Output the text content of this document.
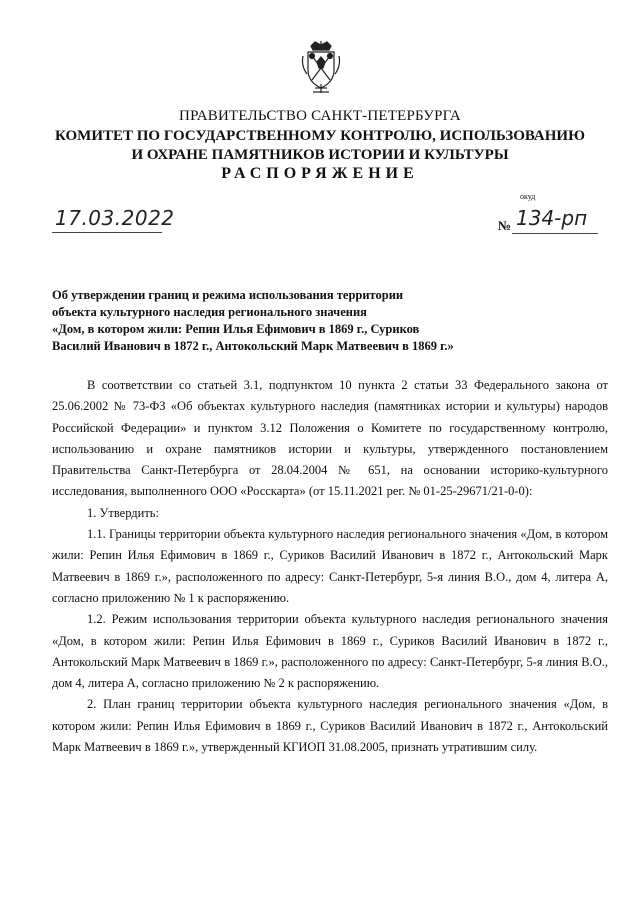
ПРАВИТЕЛЬСТВО САНКТ-ПЕТЕРБУРГА
КОМИТЕТ ПО ГОСУДАРСТВЕННОМУ КОНТРОЛЮ, ИСПОЛЬЗОВАНИЮ
И ОХРАНЕ ПАМЯТНИКОВ ИСТОРИИ И КУЛЬТУРЫ
РАСПОРЯЖЕНИЕ
окуд
17.03.2022	№ 134-рп
Об утверждении границ и режима использования территории
объекта культурного наследия регионального значения
«Дом, в котором жили: Репин Илья Ефимович в 1869 г., Суриков
Василий Иванович в 1872 г., Антокольский Марк Матвеевич в 1869 г.»

В соответствии со статьей 3.1, подпунктом 10 пункта 2 статьи 33 Федерального закона от 25.06.2002 № 73-ФЗ «Об объектах культурного наследия (памятниках истории и культуры) народов Российской Федерации» и пунктом 3.12 Положения о Комитете по государственному контролю, использованию и охране памятников истории и культуры, утвержденного постановлением Правительства Санкт-Петербурга от 28.04.2004 № 651, на основании историко-культурного исследования, выполненного ООО «Росскарта» (от 15.11.2021 рег. № 01-25-29671/21-0-0):

1. Утвердить:

1.1. Границы территории объекта культурного наследия регионального значения «Дом, в котором жили: Репин Илья Ефимович в 1869 г., Суриков Василий Иванович в 1872 г., Антокольский Марк Матвеевич в 1869 г.», расположенного по адресу: Санкт-Петербург, 5-я линия В.О., дом 4, литера А, согласно приложению № 1 к распоряжению.

1.2. Режим использования территории объекта культурного наследия регионального значения «Дом, в котором жили: Репин Илья Ефимович в 1869 г., Суриков Василий Иванович в 1872 г., Антокольский Марк Матвеевич в 1869 г.», расположенного по адресу: Санкт-Петербург, 5-я линия В.О., дом 4, литера А, согласно приложению № 2 к распоряжению.

2. План границ территории объекта культурного наследия регионального значения «Дом, в котором жили: Репин Илья Ефимович в 1869 г., Суриков Василий Иванович в 1872 г., Антокольский Марк Матвеевич в 1869 г.», утвержденный КГИОП 31.08.2005, признать утратившим силу.
